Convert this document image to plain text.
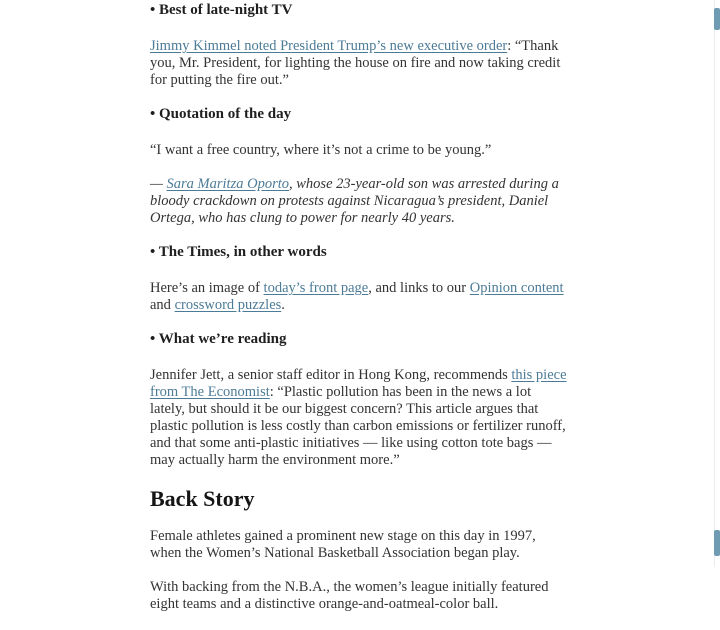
• Best of late-night TV

Jimmy Kimmel noted President Trump’s new executive order: “Thank you, Mr. President, for lighting the house on fire and now taking credit for putting the fire out.”

• Quotation of the day

“I want a free country, where it’s not a crime to be young.”

— Sara Maritza Oporto, whose 23-year-old son was arrested during a bloody crackdown on protests against Nicaragua’s president, Daniel Ortega, who has clung to power for nearly 40 years.

• The Times, in other words

Here’s an image of today’s front page, and links to our Opinion content and crossword puzzles.

• What we’re reading

Jennifer Jett, a senior staff editor in Hong Kong, recommends this piece from The Economist: “Plastic pollution has been in the news a lot lately, but should it be our biggest concern? This article argues that plastic pollution is less costly than carbon emissions or fertilizer runoff, and that some anti-plastic initiatives — like using cotton tote bags — may actually harm the environment more.”

Back Story

Female athletes gained a prominent new stage on this day in 1997, when the Women’s National Basketball Association began play.

With backing from the N.B.A., the women’s league initially featured eight teams and a distinctive orange-and-oatmeal-color ball.
